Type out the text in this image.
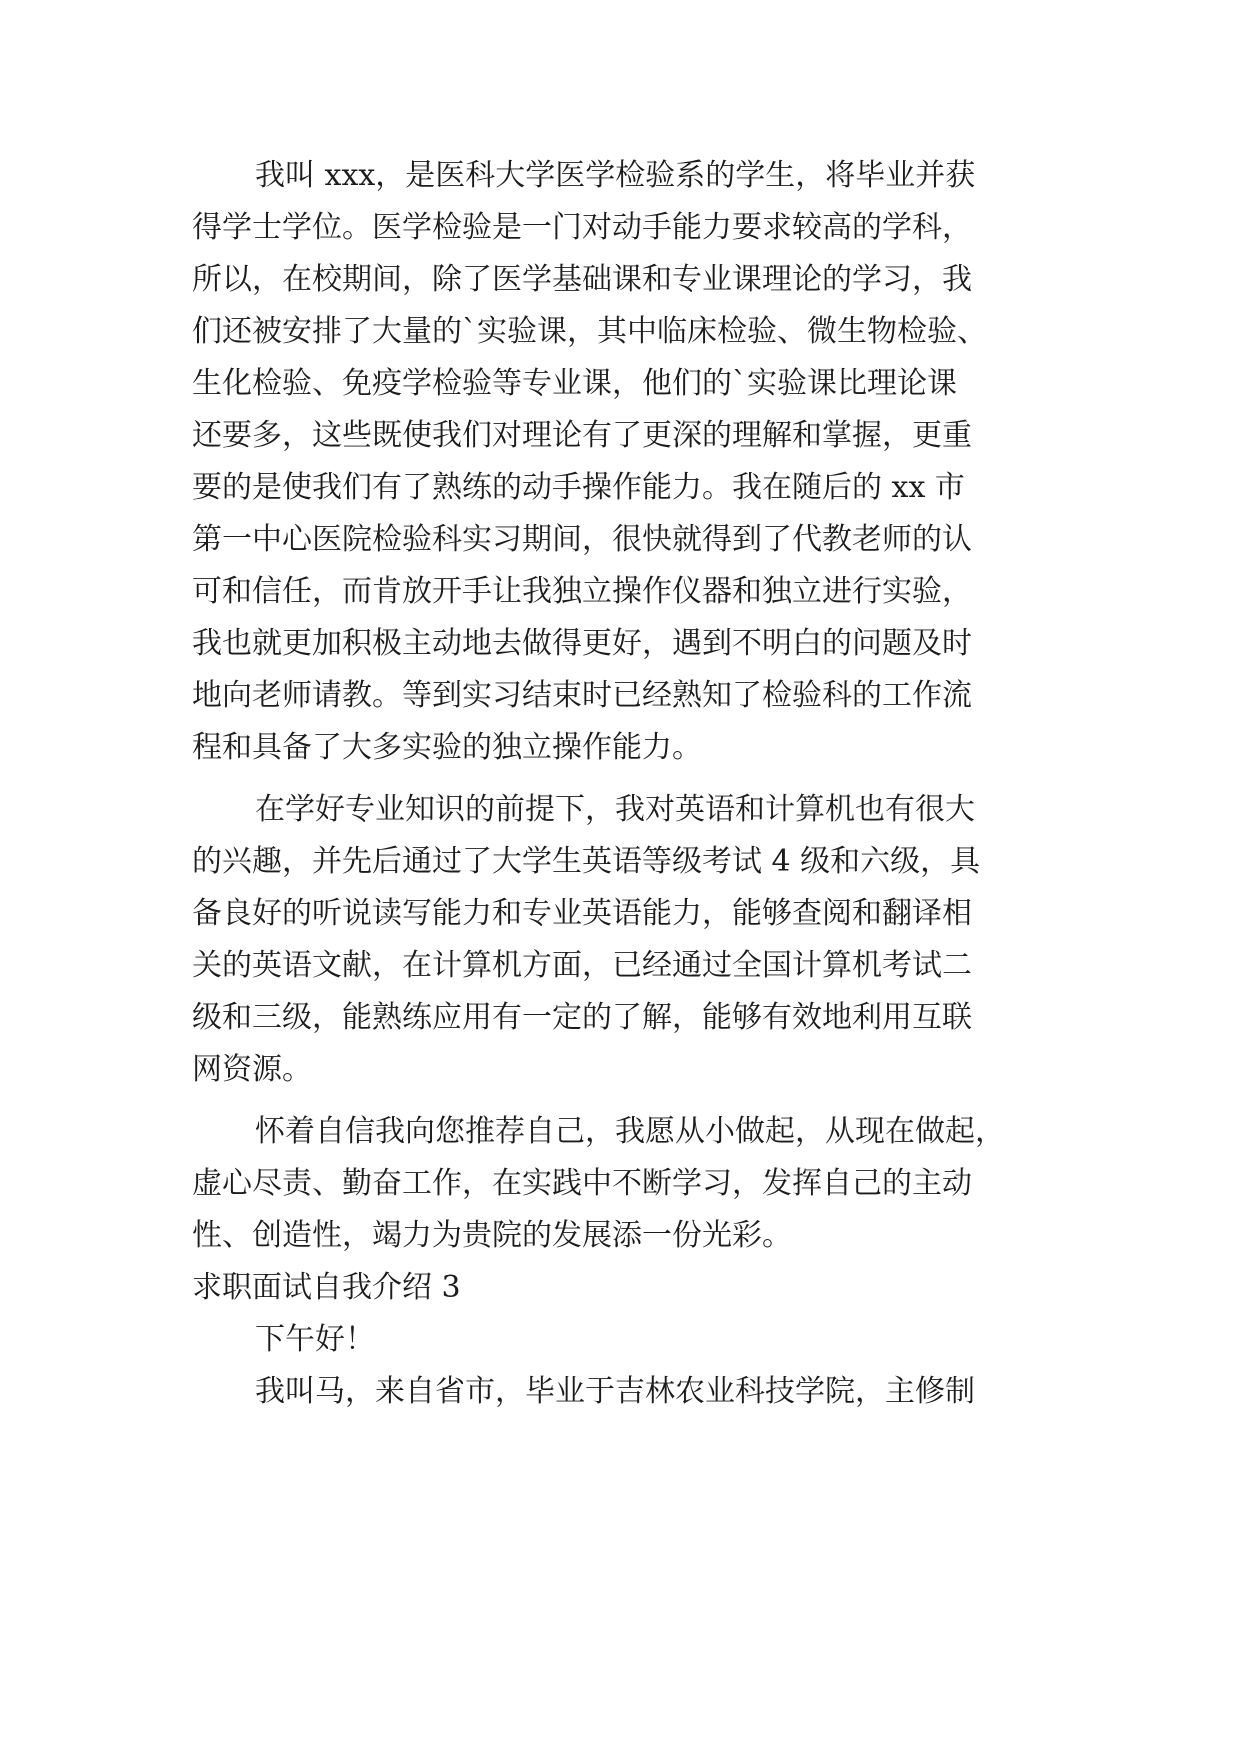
我叫 xxx，是医科大学医学检验系的学生，将毕业并获

得学士学位。医学检验是一门对动手能力要求较高的学科，

所以，在校期间，除了医学基础课和专业课理论的学习，我

们还被安排了大量的`实验课，其中临床检验、微生物检验、

生化检验、免疫学检验等专业课，他们的`实验课比理论课

还要多，这些既使我们对理论有了更深的理解和掌握，更重

要的是使我们有了熟练的动手操作能力。我在随后的 xx 市

第一中心医院检验科实习期间，很快就得到了代教老师的认

可和信任，而肯放开手让我独立操作仪器和独立进行实验，

我也就更加积极主动地去做得更好，遇到不明白的问题及时

地向老师请教。等到实习结束时已经熟知了检验科的工作流

程和具备了大多实验的独立操作能力。

在学好专业知识的前提下，我对英语和计算机也有很大

的兴趣，并先后通过了大学生英语等级考试 4 级和六级，具

备良好的听说读写能力和专业英语能力，能够查阅和翻译相

关的英语文献，在计算机方面，已经通过全国计算机考试二

级和三级，能熟练应用有一定的了解，能够有效地利用互联

网资源。

怀着自信我向您推荐自己，我愿从小做起，从现在做起，

虚心尽责、勤奋工作，在实践中不断学习，发挥自己的主动

性、创造性，竭力为贵院的发展添一份光彩。

求职面试自我介绍 3

下午好！

我叫马，来自省市，毕业于吉林农业科技学院，主修制
